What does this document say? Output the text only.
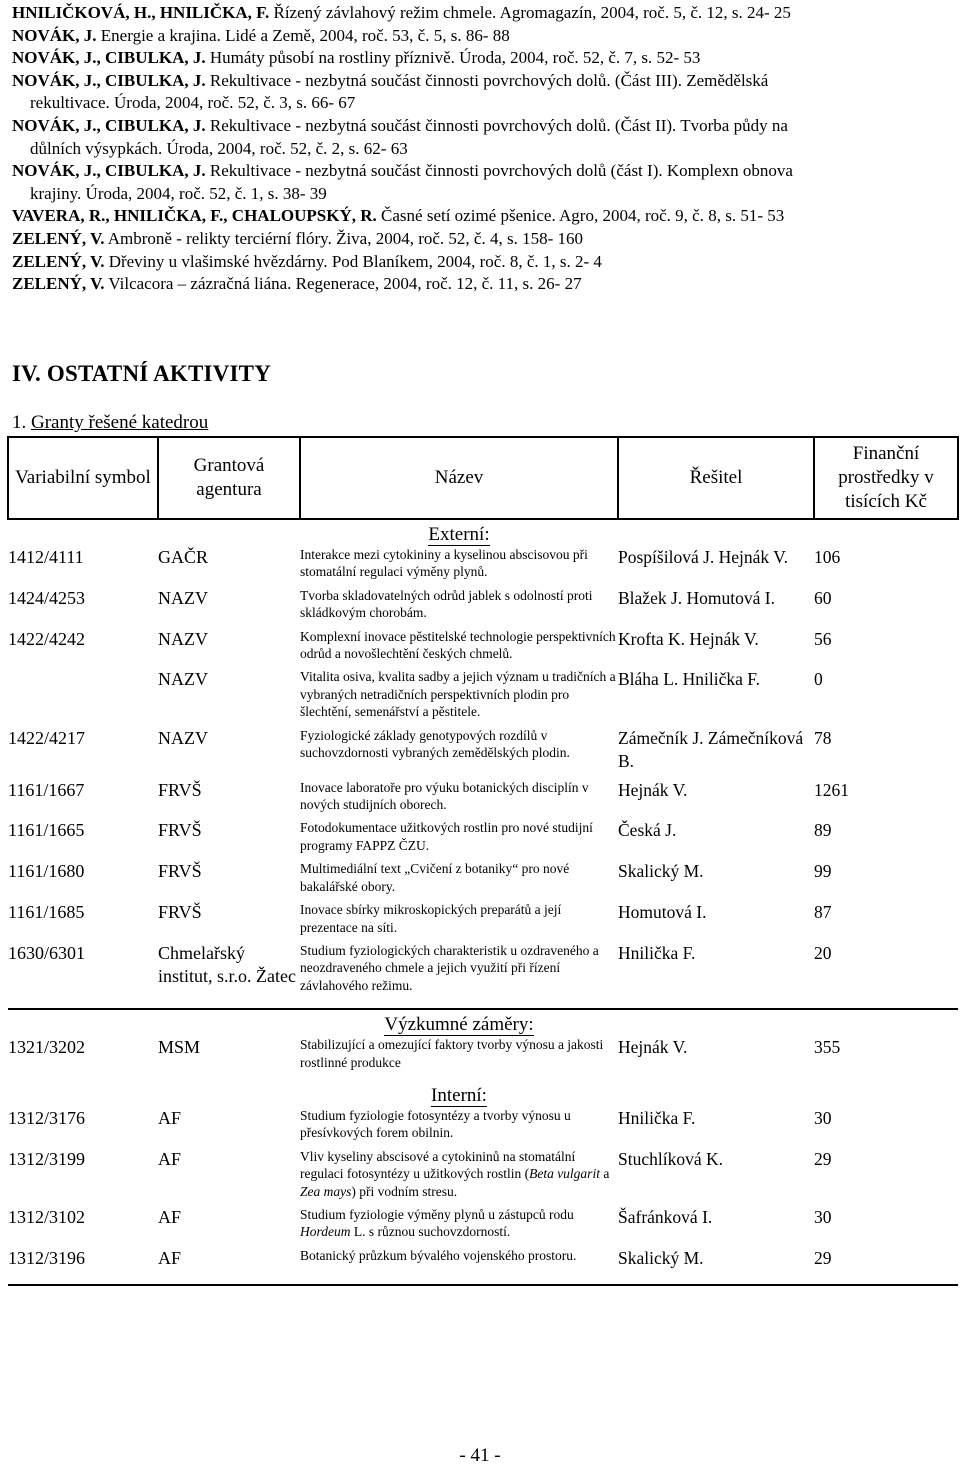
HNILIČKOVÁ, H., HNILIČKA, F. Řízený závlahový režim chmele. Agromagazín, 2004, roč. 5, č. 12, s. 24- 25
NOVÁK, J. Energie a krajina. Lidé a Země, 2004, roč. 53, č. 5, s. 86- 88
NOVÁK, J., CIBULKA, J. Humáty působí na rostliny příznivě. Úroda, 2004, roč. 52, č. 7, s. 52- 53
NOVÁK, J., CIBULKA, J. Rekultivace - nezbytná součást činnosti povrchových dolů. (Část III). Zemědělská
rekultivace. Úroda, 2004, roč. 52, č. 3, s. 66- 67
NOVÁK, J., CIBULKA, J. Rekultivace - nezbytná součást činnosti povrchových dolů. (Část II). Tvorba půdy na
důlních výsypkách. Úroda, 2004, roč. 52, č. 2, s. 62- 63
NOVÁK, J., CIBULKA, J. Rekultivace - nezbytná součást činnosti povrchových dolů (část I). Komplexn obnova
krajiny. Úroda, 2004, roč. 52, č. 1, s. 38- 39
VAVERA, R., HNILIČKA, F., CHALOUPSKÝ, R. Časné setí ozimé pšenice. Agro, 2004, roč. 9, č. 8, s. 51- 53
ZELENÝ, V. Ambroně - relikty terciérní flóry. Živa, 2004, roč. 52, č. 4, s. 158- 160
ZELENÝ, V. Dřeviny u vlašimské hvězdárny. Pod Blaníkem, 2004, roč. 8, č. 1, s. 2- 4
ZELENÝ, V. Vilcacora – zázračná liána. Regenerace, 2004, roč. 12, č. 11, s. 26- 27
IV. OSTATNÍ AKTIVITY
1. Granty řešené katedrou
Variabilní symbol	Grantová agentura	Název	Řešitel	Finanční prostředky v tisících Kč
		Externí:		
1412/4111	GAČR	Interakce mezi cytokininy a kyselinou abscisovou při stomatální regulaci výměny plynů.	Pospíšilová J. Hejnák V.	106
1424/4253	NAZV	Tvorba skladovatelných odrůd jablek s odolností proti skládkovým chorobám.	Blažek J. Homutová I.	60
1422/4242	NAZV	Komplexní inovace pěstitelské technologie perspektivních odrůd a novošlechtění českých chmelů.	Krofta K. Hejnák V.	56
	NAZV	Vitalita osiva, kvalita sadby a jejich význam u tradičních a vybraných netradičních perspektivních plodin pro šlechtění, semenářství a pěstitele.	Bláha L. Hnilička F.	0
1422/4217	NAZV	Fyziologické základy genotypových rozdílů v suchovzdornosti vybraných zemědělských plodin.	Zámečník J. Zámečníková B.	78
1161/1667	FRVŠ	Inovace laboratoře pro výuku botanických disciplín v nových studijních oborech.	Hejnák V.	1261
1161/1665	FRVŠ	Fotodokumentace užitkových rostlin pro nové studijní programy FAPPZ ČZU.	Česká J.	89
1161/1680	FRVŠ	Multimediální text „Cvičení z botaniky“ pro nové bakalářské obory.	Skalický M.	99
1161/1685	FRVŠ	Inovace sbírky mikroskopických preparátů a její prezentace na síti.	Homutová I.	87
1630/6301	Chmelařský institut, s.r.o. Žatec	Studium fyziologických charakteristik u ozdraveného a neozdraveného chmele a jejich využití při řízení závlahového režimu.	Hnilička F.	20
		Výzkumné záměry:		
1321/3202	MSM	Stabilizující a omezující faktory tvorby výnosu a jakosti rostlinné produkce	Hejnák V.	355
		Interní:		
1312/3176	AF	Studium fyziologie fotosyntézy a tvorby výnosu u přesívkových forem obilnin.	Hnilička F.	30
1312/3199	AF	Vliv kyseliny abscisové a cytokininů na stomatální regulaci fotosyntézy u užitkových rostlin (Beta vulgarit a Zea mays) při vodním stresu.	Stuchlíková K.	29
1312/3102	AF	Studium fyziologie výměny plynů u zástupců rodu Hordeum L. s různou suchovzdorností.	Šafránková I.	30
1312/3196	AF	Botanický průzkum bývalého vojenského prostoru.	Skalický M.	29
- 41 -
